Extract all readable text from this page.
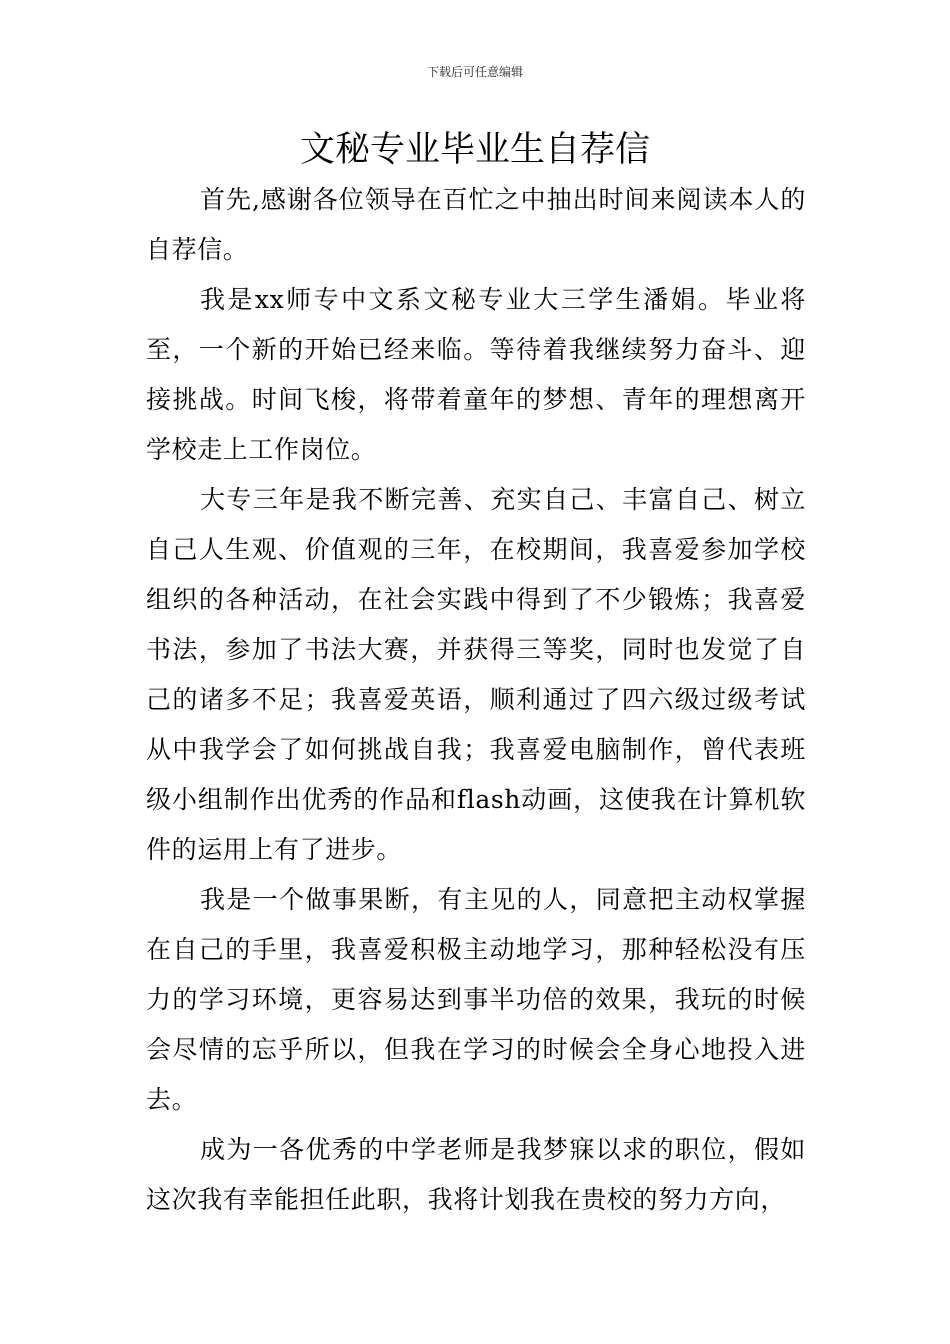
下载后可任意编辑
文秘专业毕业生自荐信

首先,感谢各位领导在百忙之中抽出时间来阅读本人的自荐信。

我是xx师专中文系文秘专业大三学生潘娟。毕业将至，一个新的开始已经来临。等待着我继续努力奋斗、迎接挑战。时间飞梭，将带着童年的梦想、青年的理想离开学校走上工作岗位。

大专三年是我不断完善、充实自己、丰富自己、树立自己人生观、价值观的三年，在校期间，我喜爱参加学校组织的各种活动，在社会实践中得到了不少锻炼；我喜爱书法，参加了书法大赛，并获得三等奖，同时也发觉了自己的诸多不足；我喜爱英语，顺利通过了四六级过级考试从中我学会了如何挑战自我；我喜爱电脑制作，曾代表班级小组制作出优秀的作品和flash动画，这使我在计算机软件的运用上有了进步。

我是一个做事果断，有主见的人，同意把主动权掌握在自己的手里，我喜爱积极主动地学习，那种轻松没有压力的学习环境，更容易达到事半功倍的效果，我玩的时候会尽情的忘乎所以，但我在学习的时候会全身心地投入进去。

成为一各优秀的中学老师是我梦寐以求的职位，假如这次我有幸能担任此职，我将计划我在贵校的努力方向，
